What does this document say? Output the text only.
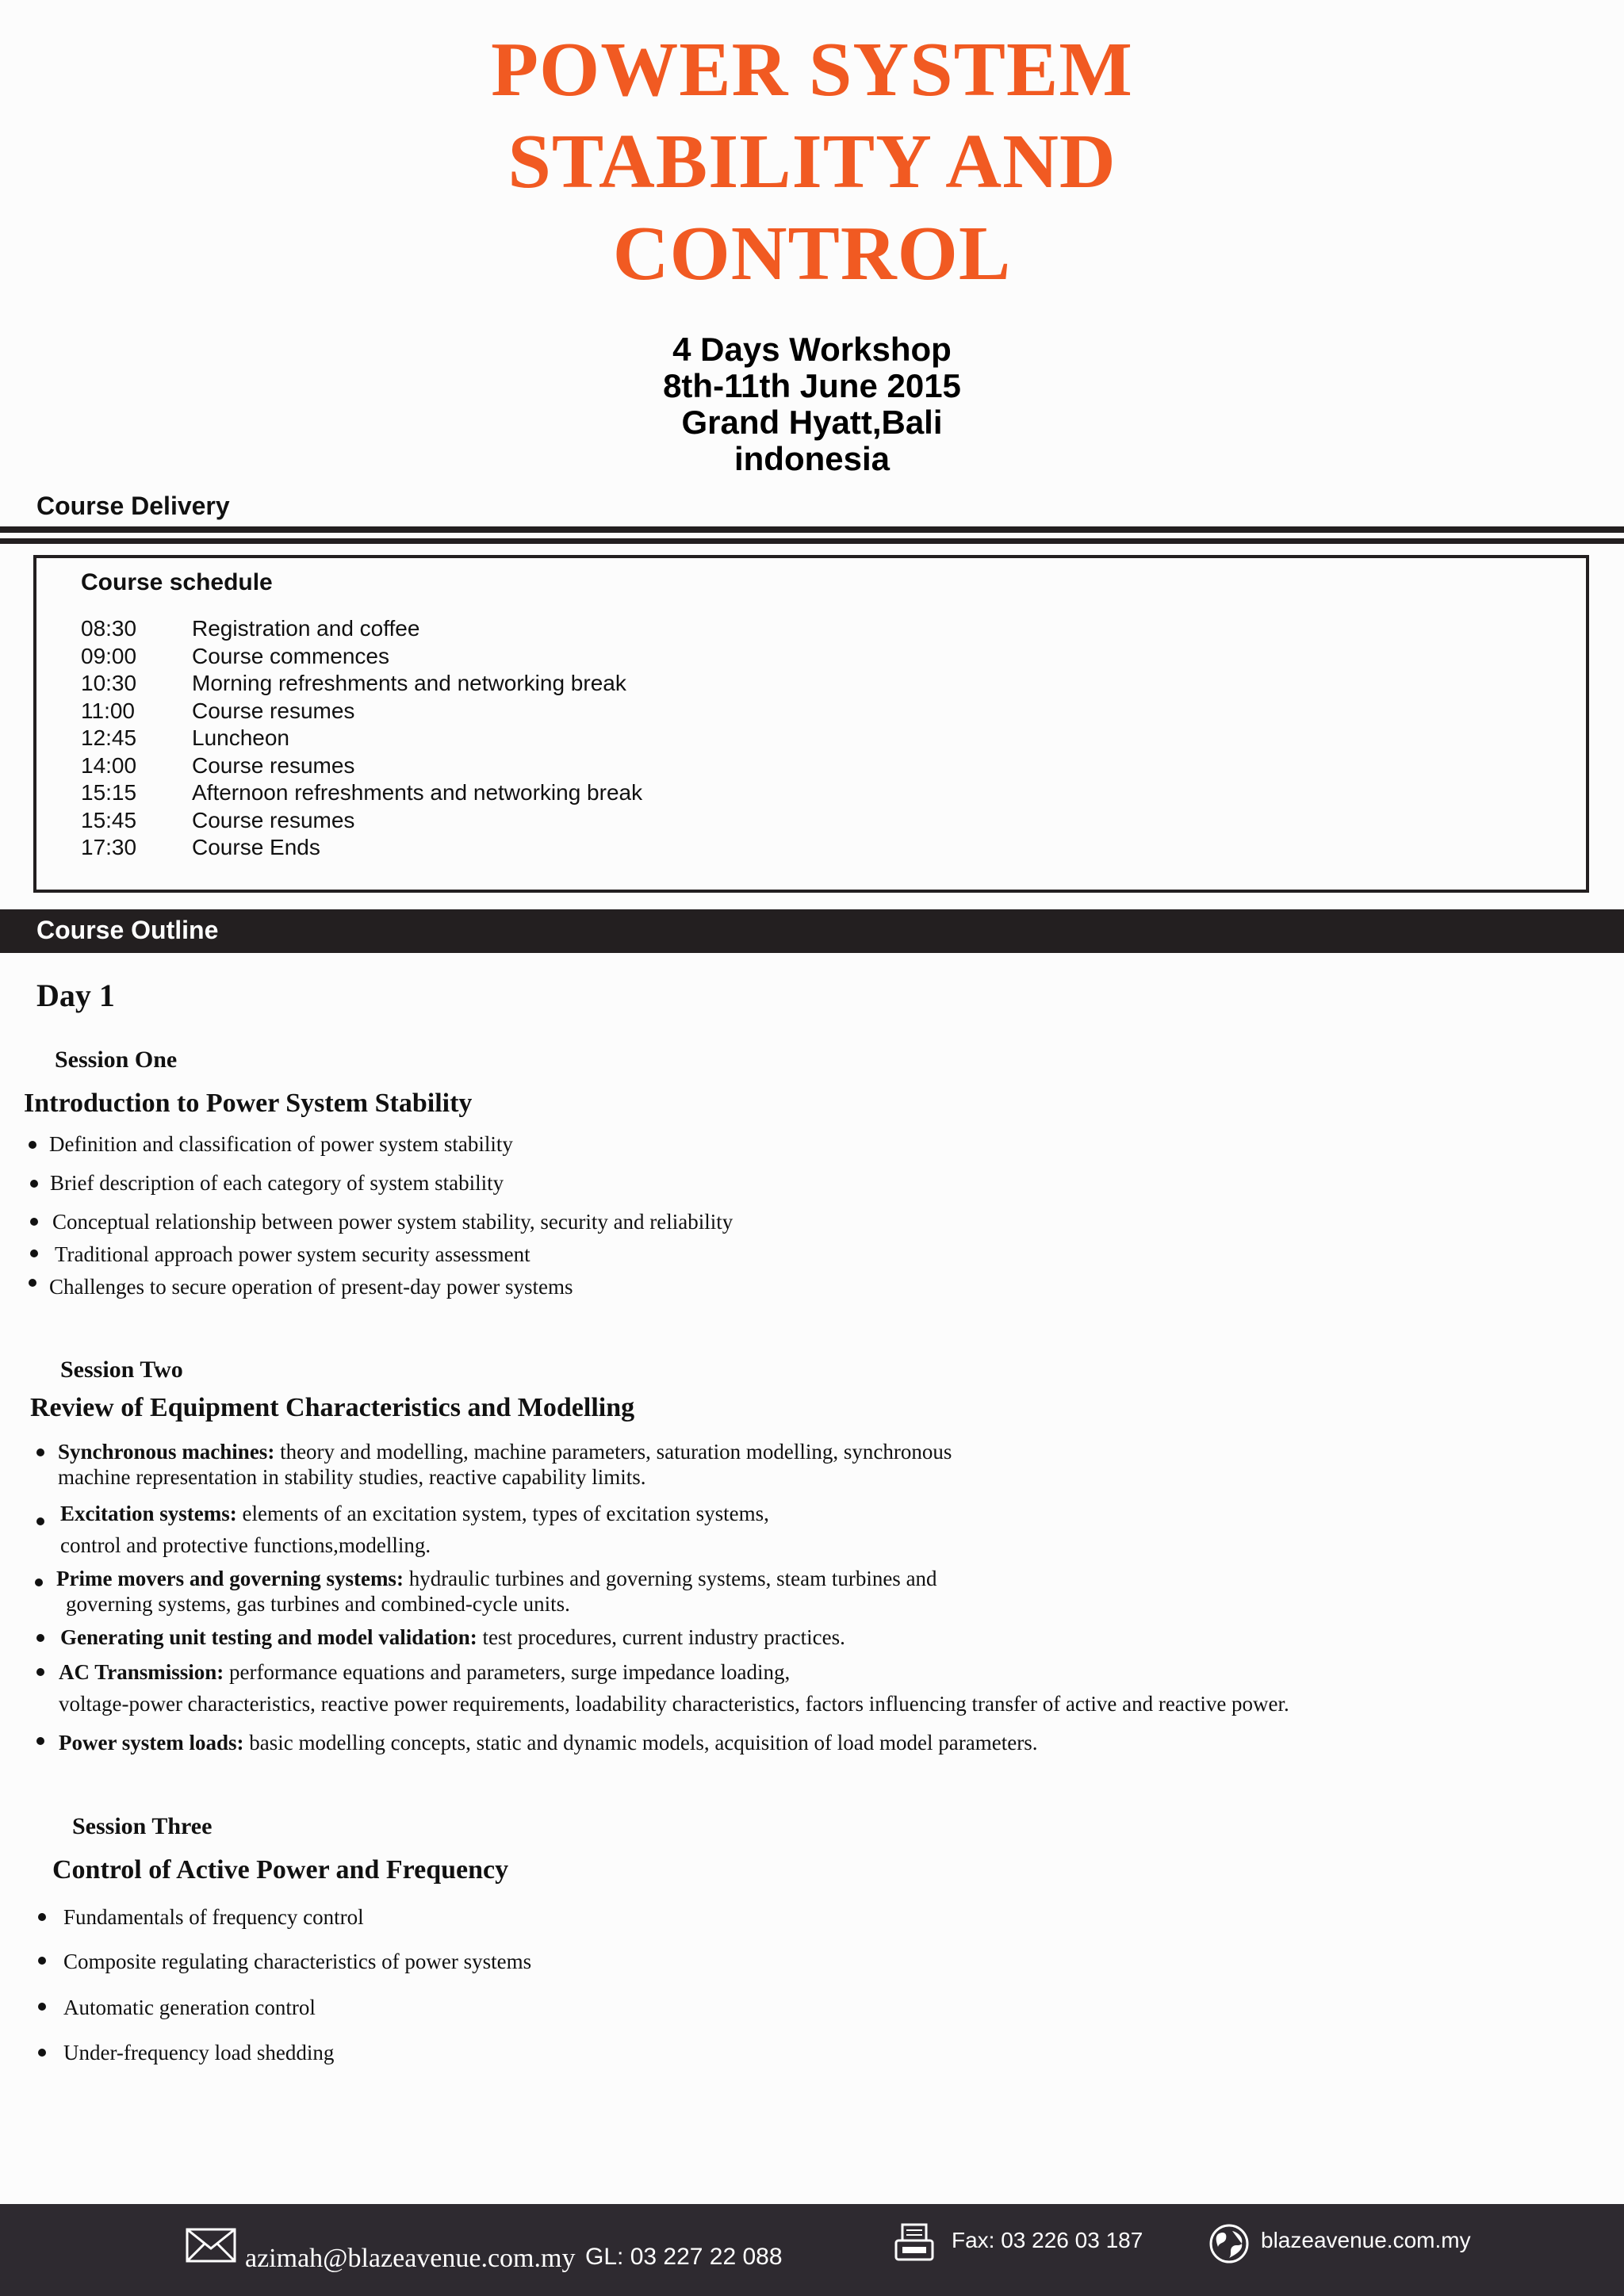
POWER SYSTEM
STABILITY AND
CONTROL
4 Days Workshop
8th-11th June 2015
Grand Hyatt,Bali
indonesia
Course Delivery
Course schedule
08:30	Registration and coffee
09:00	Course commences
10:30	Morning refreshments and networking break
11:00	Course resumes
12:45	Luncheon
14:00	Course resumes
15:15	Afternoon refreshments and networking break
15:45	Course resumes
17:30	Course Ends
Course Outline
Day 1
Session One
Introduction to Power System Stability
Definition and classification of power system stability
Brief description of each category of system stability
Conceptual relationship between power system stability, security and reliability
Traditional approach power system security assessment
Challenges to secure operation of present-day power systems
Session Two
Review of Equipment Characteristics and Modelling
Synchronous machines: theory and modelling, machine parameters, saturation modelling, synchronous
machine representation in stability studies, reactive capability limits.
Excitation systems: elements of an excitation system, types of excitation systems,
control and protective functions,modelling.
Prime movers and governing systems: hydraulic turbines and governing systems, steam turbines and
governing systems, gas turbines and combined-cycle units.
Generating unit testing and model validation: test procedures, current industry practices.
AC Transmission: performance equations and parameters, surge impedance loading,
voltage-power characteristics, reactive power requirements, loadability characteristics, factors influencing transfer of active and reactive power.
Power system loads: basic modelling concepts, static and dynamic models, acquisition of load model parameters.
Session Three
Control of Active Power and Frequency
Fundamentals of frequency control
Composite regulating characteristics of power systems
Automatic generation control
Under-frequency load shedding
azimah@blazeavenue.com.my GL: 03 227 22 088
Fax: 03 226 03 187	blazeavenue.com.my
